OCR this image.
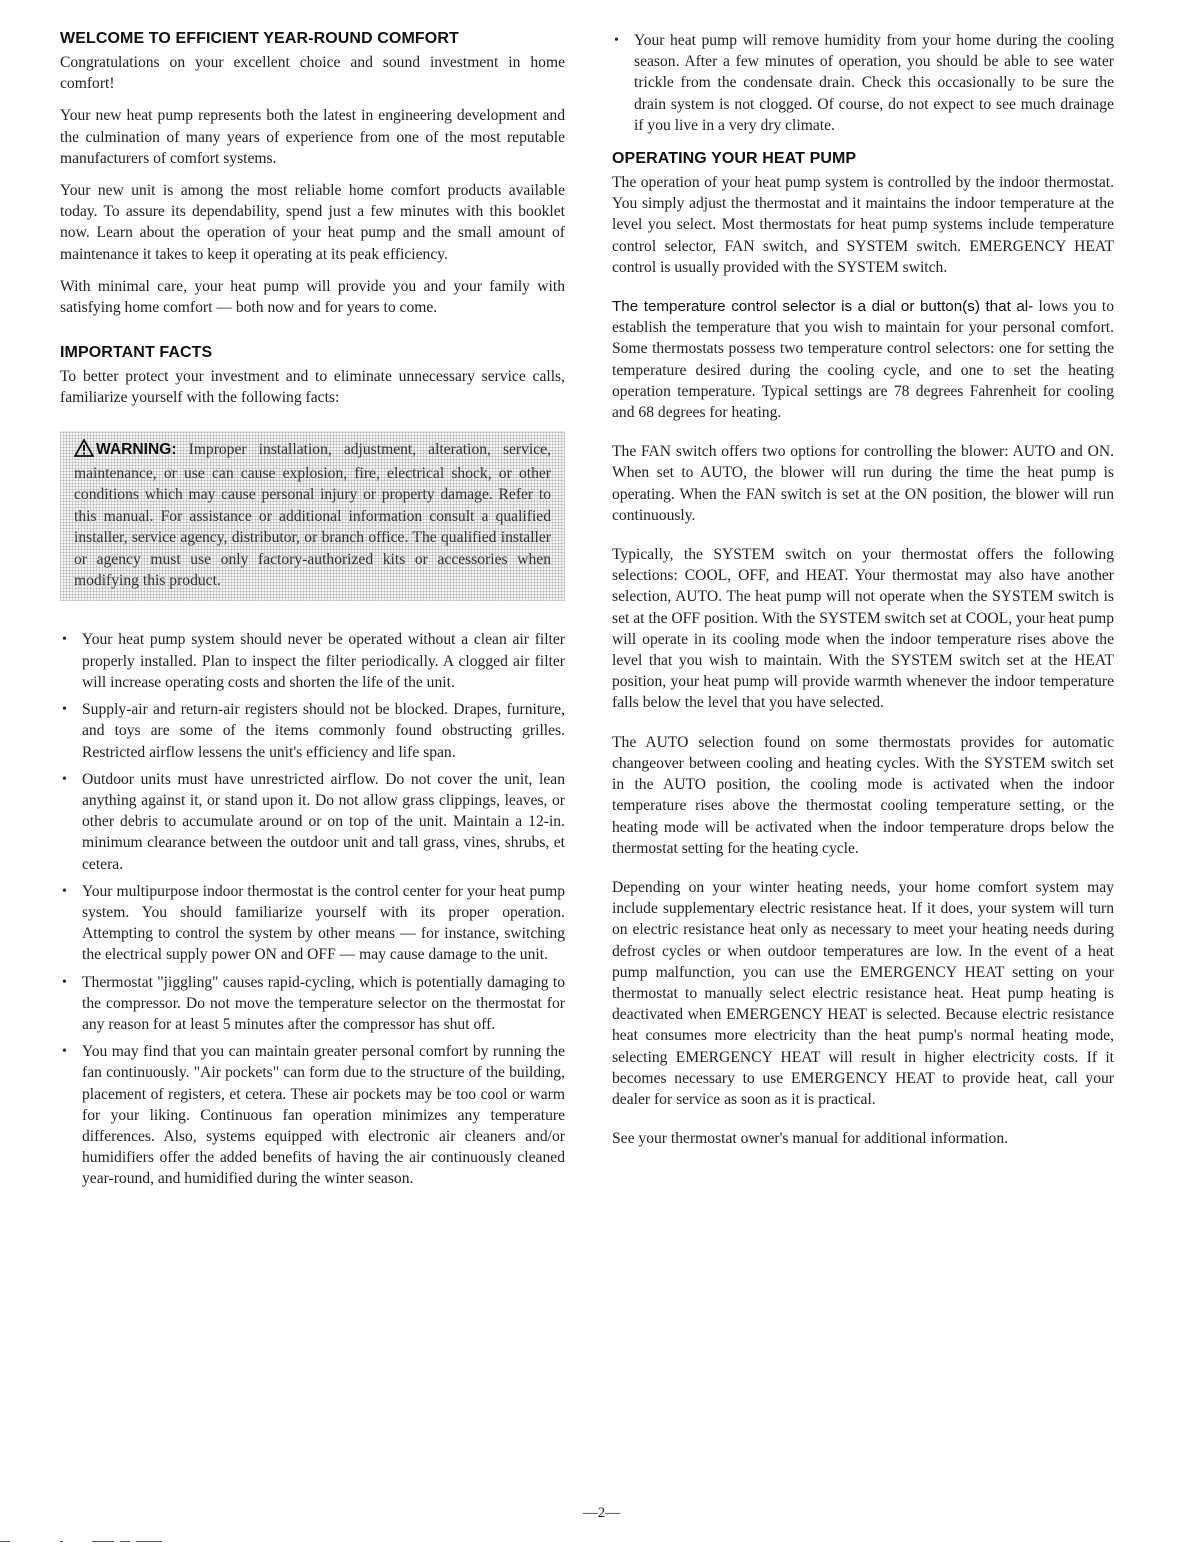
WELCOME TO EFFICIENT YEAR-ROUND COMFORT

Congratulations on your excellent choice and sound investment in home comfort!

Your new heat pump represents both the latest in engineering development and the culmination of many years of experience from one of the most reputable manufacturers of comfort systems.

Your new unit is among the most reliable home comfort products available today. To assure its dependability, spend just a few minutes with this booklet now. Learn about the operation of your heat pump and the small amount of maintenance it takes to keep it operating at its peak efficiency.

With minimal care, your heat pump will provide you and your family with satisfying home comfort — both now and for years to come.

IMPORTANT FACTS

To better protect your investment and to eliminate unnecessary service calls, familiarize yourself with the following facts:

WARNING: Improper installation, adjustment, alteration, service, maintenance, or use can cause explosion, fire, electrical shock, or other conditions which may cause personal injury or property damage. Refer to this manual. For assistance or additional information consult a qualified installer, service agency, distributor, or branch office. The qualified installer or agency must use only factory-authorized kits or accessories when modifying this product.
• Your heat pump system should never be operated without a clean air filter properly installed. Plan to inspect the filter periodically. A clogged air filter will increase operating costs and shorten the life of the unit.
• Supply-air and return-air registers should not be blocked. Drapes, furniture, and toys are some of the items commonly found obstructing grilles. Restricted airflow lessens the unit's efficiency and life span.
• Outdoor units must have unrestricted airflow. Do not cover the unit, lean anything against it, or stand upon it. Do not allow grass clippings, leaves, or other debris to accumulate around or on top of the unit. Maintain a 12-in. minimum clearance between the outdoor unit and tall grass, vines, shrubs, et cetera.
• Your multipurpose indoor thermostat is the control center for your heat pump system. You should familiarize yourself with its proper operation. Attempting to control the system by other means — for instance, switching the electrical supply power ON and OFF — may cause damage to the unit.
• Thermostat "jiggling" causes rapid-cycling, which is potentially damaging to the compressor. Do not move the temperature selector on the thermostat for any reason for at least 5 minutes after the compressor has shut off.
• You may find that you can maintain greater personal comfort by running the fan continuously. "Air pockets" can form due to the structure of the building, placement of registers, et cetera. These air pockets may be too cool or warm for your liking. Continuous fan operation minimizes any temperature differences. Also, systems equipped with electronic air cleaners and/or humidifiers offer the added benefits of having the air continuously cleaned year-round, and humidified during the winter season.
• Your heat pump will remove humidity from your home during the cooling season. After a few minutes of operation, you should be able to see water trickle from the condensate drain. Check this occasionally to be sure the drain system is not clogged. Of course, do not expect to see much drainage if you live in a very dry climate.
OPERATING YOUR HEAT PUMP

The operation of your heat pump system is controlled by the indoor thermostat. You simply adjust the thermostat and it maintains the indoor temperature at the level you select. Most thermostats for heat pump systems include temperature control selector, FAN switch, and SYSTEM switch. EMERGENCY HEAT control is usually provided with the SYSTEM switch.

The temperature control selector is a dial or button(s) that al- lows you to establish the temperature that you wish to maintain for your personal comfort. Some thermostats possess two temperature control selectors: one for setting the temperature desired during the cooling cycle, and one to set the heating operation temperature. Typical settings are 78 degrees Fahrenheit for cooling and 68 degrees for heating.

The FAN switch offers two options for controlling the blower: AUTO and ON. When set to AUTO, the blower will run during the time the heat pump is operating. When the FAN switch is set at the ON position, the blower will run continuously.

Typically, the SYSTEM switch on your thermostat offers the following selections: COOL, OFF, and HEAT. Your thermostat may also have another selection, AUTO. The heat pump will not operate when the SYSTEM switch is set at the OFF position. With the SYSTEM switch set at COOL, your heat pump will operate in its cooling mode when the indoor temperature rises above the level that you wish to maintain. With the SYSTEM switch set at the HEAT position, your heat pump will provide warmth whenever the indoor temperature falls below the level that you have selected.

The AUTO selection found on some thermostats provides for automatic changeover between cooling and heating cycles. With the SYSTEM switch set in the AUTO position, the cooling mode is activated when the indoor temperature rises above the thermostat cooling temperature setting, or the heating mode will be activated when the indoor temperature drops below the thermostat setting for the heating cycle.

Depending on your winter heating needs, your home comfort system may include supplementary electric resistance heat. If it does, your system will turn on electric resistance heat only as necessary to meet your heating needs during defrost cycles or when outdoor temperatures are low. In the event of a heat pump malfunction, you can use the EMERGENCY HEAT setting on your thermostat to manually select electric resistance heat. Heat pump heating is deactivated when EMERGENCY HEAT is selected. Because electric resistance heat consumes more electricity than the heat pump's normal heating mode, selecting EMERGENCY HEAT will result in higher electricity costs. If it becomes necessary to use EMERGENCY HEAT to provide heat, call your dealer for service as soon as it is practical.

See your thermostat owner's manual for additional information.

—2—
